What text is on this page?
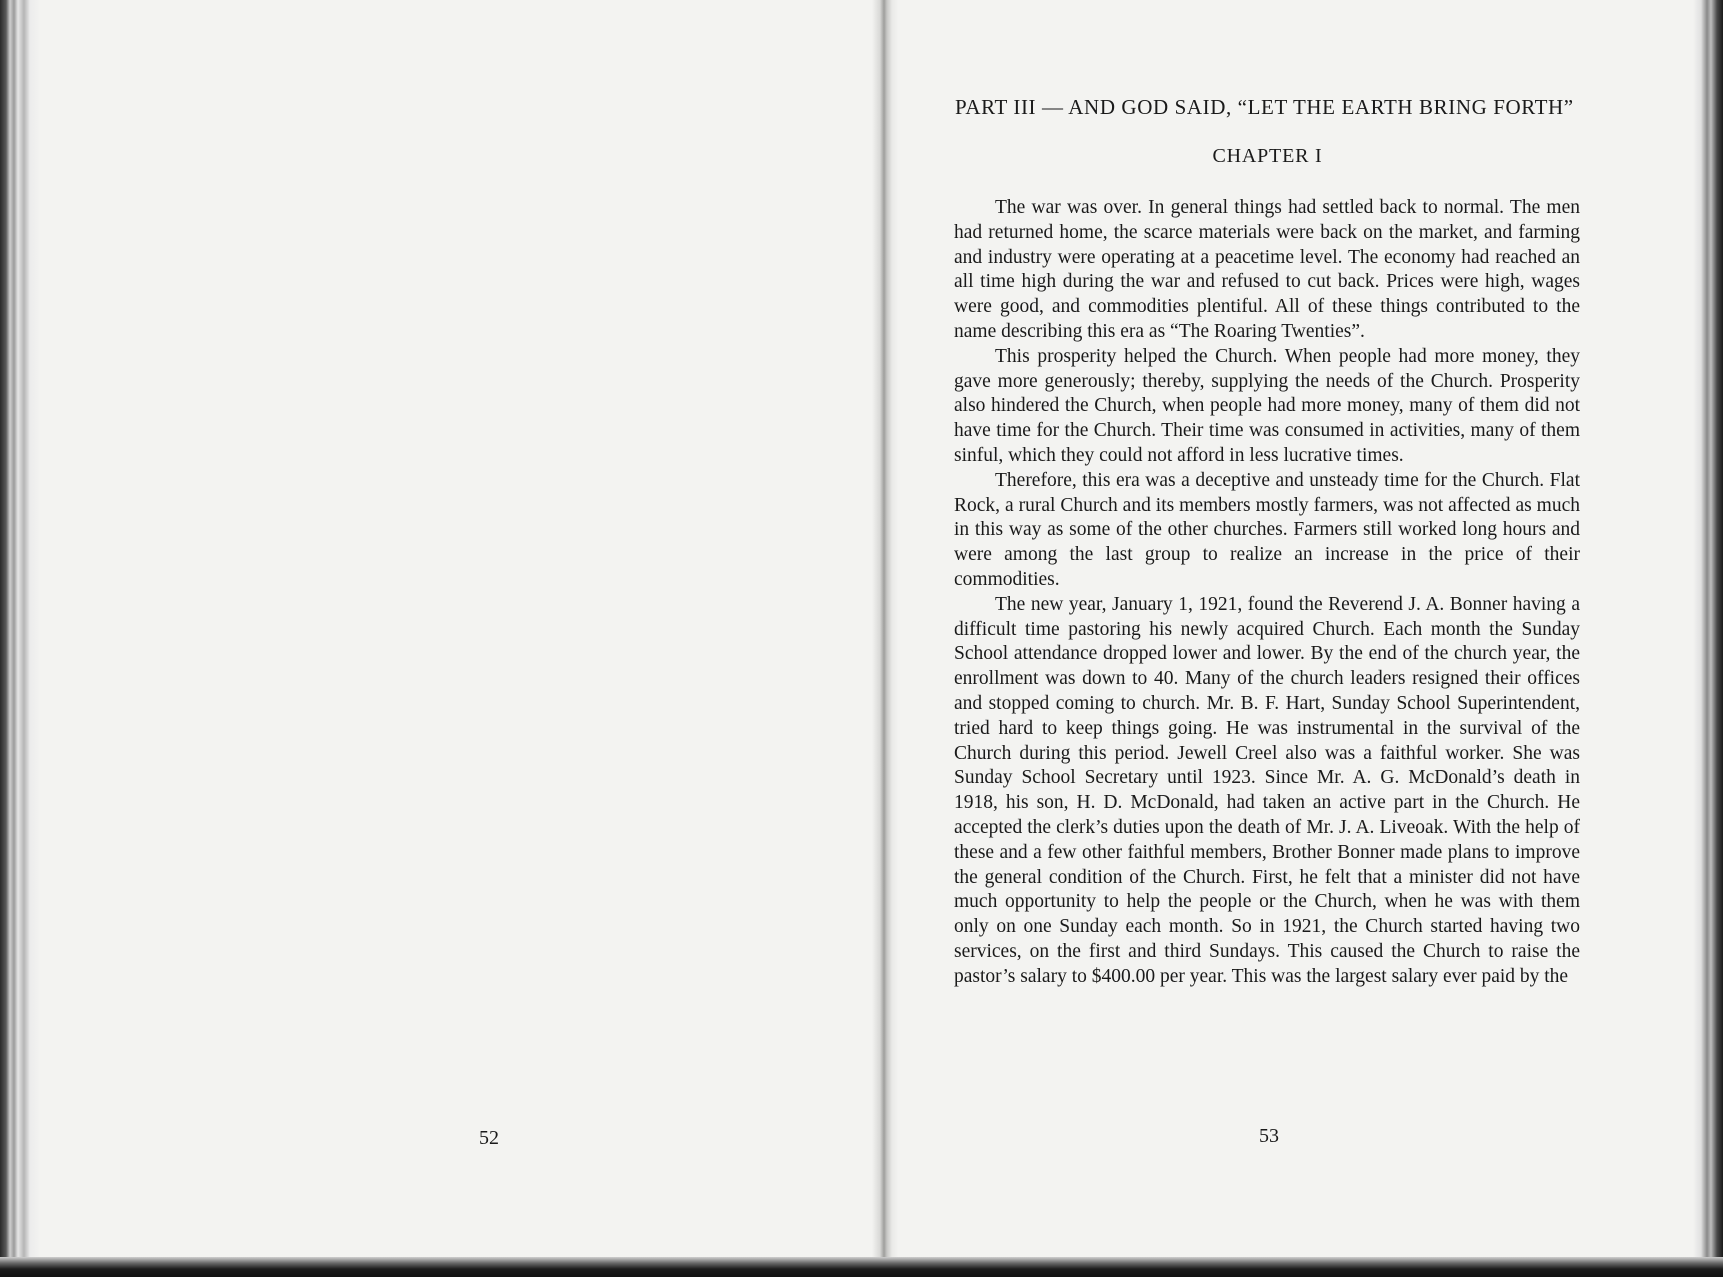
52
PART III — AND GOD SAID, “LET THE EARTH BRING FORTH”
CHAPTER I

The war was over. In general things had settled back to normal. The men had returned home, the scarce materials were back on the market, and farming and industry were operating at a peacetime level. The economy had reached an all time high during the war and refused to cut back. Prices were high, wages were good, and commodities plentiful. All of these things contributed to the name describing this era as “The Roaring Twenties”.

This prosperity helped the Church. When people had more money, they gave more generously; thereby, supplying the needs of the Church. Prosperity also hindered the Church, when people had more money, many of them did not have time for the Church. Their time was consumed in activities, many of them sinful, which they could not afford in less lucrative times.

Therefore, this era was a deceptive and unsteady time for the Church. Flat Rock, a rural Church and its members mostly farmers, was not affected as much in this way as some of the other churches. Farmers still worked long hours and were among the last group to realize an increase in the price of their commodities.

The new year, January 1, 1921, found the Reverend J. A. Bonner having a difficult time pastoring his newly acquired Church. Each month the Sunday School attendance dropped lower and lower. By the end of the church year, the enrollment was down to 40. Many of the church leaders resigned their offices and stopped coming to church. Mr. B. F. Hart, Sunday School Superintendent, tried hard to keep things going. He was instrumental in the survival of the Church during this period. Jewell Creel also was a faithful worker. She was Sunday School Secretary until 1923. Since Mr. A. G. McDonald’s death in 1918, his son, H. D. McDonald, had taken an active part in the Church. He accepted the clerk’s duties upon the death of Mr. J. A. Liveoak. With the help of these and a few other faithful members, Brother Bonner made plans to improve the general condition of the Church. First, he felt that a minister did not have much opportunity to help the people or the Church, when he was with them only on one Sunday each month. So in 1921, the Church started having two services, on the first and third Sundays. This caused the Church to raise the pastor’s salary to $400.00 per year. This was the largest salary ever paid by the

53
